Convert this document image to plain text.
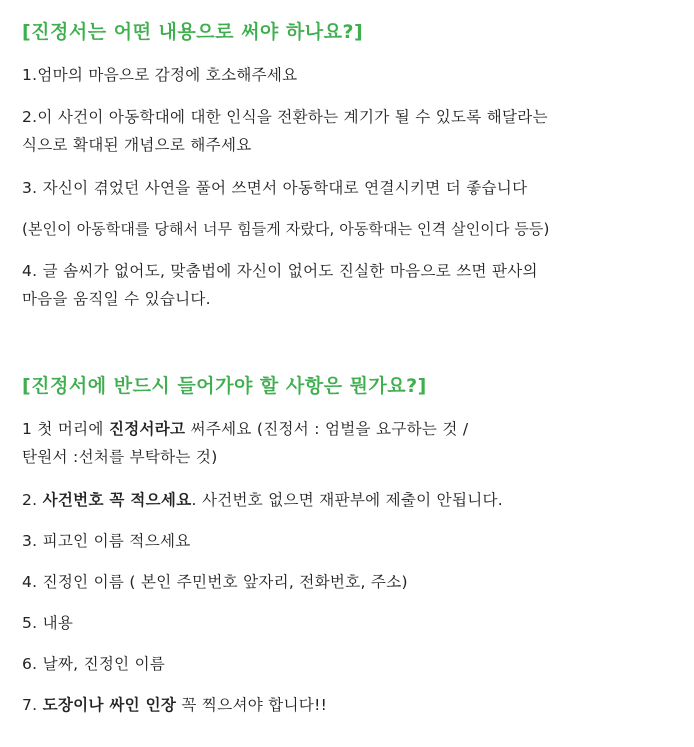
[진정서는 어떤 내용으로 써야 하나요?]
1.엄마의 마음으로 감정에 호소해주세요
2.이 사건이 아동학대에 대한 인식을 전환하는 계기가 될 수 있도록 해달라는
식으로 확대된 개념으로 해주세요
3. 자신이 겪었던 사연을 풀어 쓰면서 아동학대로 연결시키면 더 좋습니다
(본인이 아동학대를 당해서 너무 힘들게 자랐다, 아동학대는 인격 살인이다 등등)
4. 글 솜씨가 없어도, 맞춤법에 자신이 없어도 진실한 마음으로 쓰면 판사의
마음을 움직일 수 있습니다.
[진정서에 반드시 들어가야 할 사항은 뭔가요?]
1 첫 머리에 진정서라고 써주세요 (진정서 : 엄벌을 요구하는 것 /
탄원서 :선처를 부탁하는 것)
2. 사건번호 꼭 적으세요. 사건번호 없으면 재판부에 제출이 안됩니다.
3. 피고인 이름 적으세요
4. 진정인 이름 ( 본인 주민번호 앞자리, 전화번호, 주소)
5. 내용
6. 날짜, 진정인 이름
7. 도장이나 싸인 인장 꼭 찍으셔야 합니다!!
